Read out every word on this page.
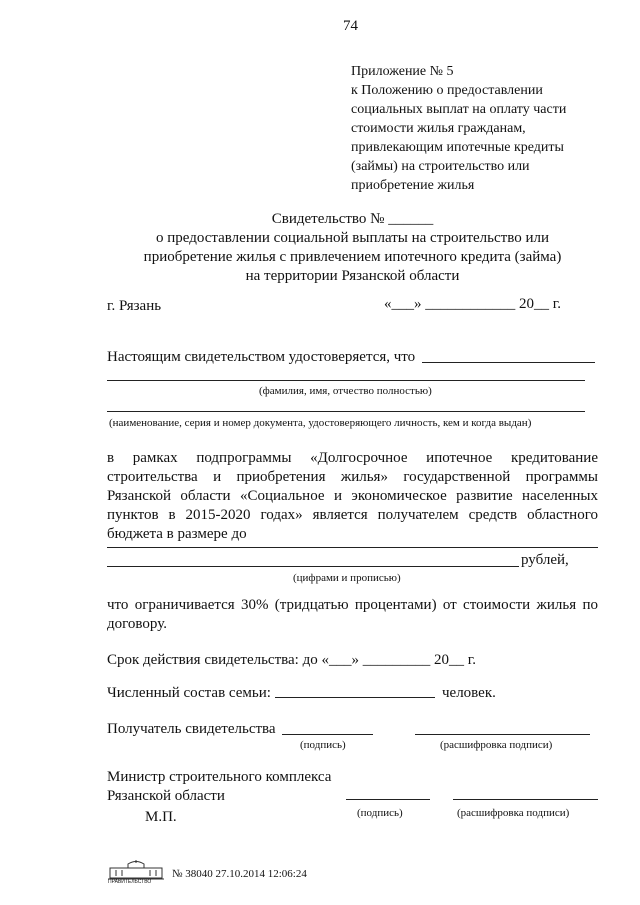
74
Приложение № 5
к Положению о предоставлении
социальных выплат на оплату части
стоимости жилья гражданам,
привлекающим ипотечные кредиты
(займы) на строительство или
приобретение жилья
Свидетельство № ______
о предоставлении социальной выплаты на строительство или
приобретение жилья с привлечением ипотечного кредита (займа)
на территории Рязанской области
г. Рязань	«___» ____________ 20__ г.
Настоящим свидетельством удостоверяется, что
(фамилия, имя, отчество полностью)
(наименование, серия и номер документа, удостоверяющего личность, кем и когда выдан)
в рамках подпрограммы «Долгосрочное ипотечное кредитование
строительства и приобретения жилья» государственной программы
Рязанской области «Социальное и экономическое развитие населенных
пунктов в 2015-2020 годах» является получателем средств областного
бюджета в размере до
рублей,
(цифрами и прописью)
что ограничивается 30% (тридцатью процентами) от стоимости жилья по
договору.
Срок действия свидетельства: до «___» _________ 20__ г.
Численный состав семьи:	человек.
Получатель свидетельства
(подпись)	(расшифровка подписи)
Министр строительного комплекса
Рязанской области
М.П.	(подпись)	(расшифровка подписи)
ПРАВИТЕЛЬСТВО
№ 38040 27.10.2014 12:06:24
